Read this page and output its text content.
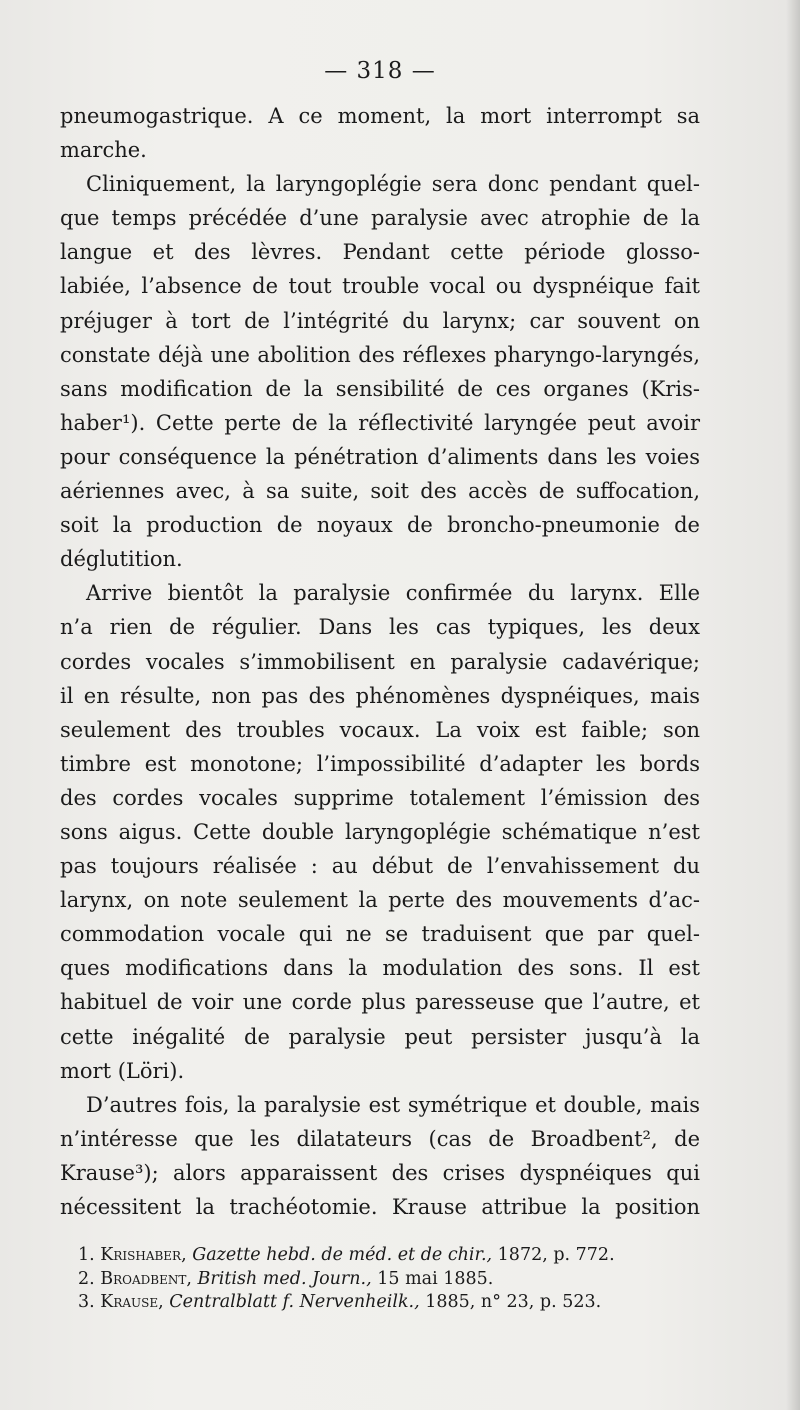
— 318 —
pneumogastrique. A ce moment, la mort interrompt sa
marche.
Cliniquement, la laryngoplégie sera donc pendant quel-
que temps précédée d’une paralysie avec atrophie de la
langue et des lèvres. Pendant cette période glosso-
labiée, l’absence de tout trouble vocal ou dyspnéique fait
préjuger à tort de l’intégrité du larynx; car souvent on
constate déjà une abolition des réflexes pharyngo-laryngés,
sans modification de la sensibilité de ces organes (Kris-
haber¹). Cette perte de la réflectivité laryngée peut avoir
pour conséquence la pénétration d’aliments dans les voies
aériennes avec, à sa suite, soit des accès de suffocation,
soit la production de noyaux de broncho-pneumonie de
déglutition.
Arrive bientôt la paralysie confirmée du larynx. Elle
n’a rien de régulier. Dans les cas typiques, les deux
cordes vocales s’immobilisent en paralysie cadavérique;
il en résulte, non pas des phénomènes dyspnéiques, mais
seulement des troubles vocaux. La voix est faible; son
timbre est monotone; l’impossibilité d’adapter les bords
des cordes vocales supprime totalement l’émission des
sons aigus. Cette double laryngoplégie schématique n’est
pas toujours réalisée : au début de l’envahissement du
larynx, on note seulement la perte des mouvements d’ac-
commodation vocale qui ne se traduisent que par quel-
ques modifications dans la modulation des sons. Il est
habituel de voir une corde plus paresseuse que l’autre, et
cette inégalité de paralysie peut persister jusqu’à la
mort (Löri).
D’autres fois, la paralysie est symétrique et double, mais
n’intéresse que les dilatateurs (cas de Broadbent², de
Krause³); alors apparaissent des crises dyspnéiques qui
nécessitent la trachéotomie. Krause attribue la position
1. Krishaber, Gazette hebd. de méd. et de chir., 1872, p. 772.
2. Broadbent, British med. Journ., 15 mai 1885.
3. Krause, Centralblatt f. Nervenheilk., 1885, n° 23, p. 523.
